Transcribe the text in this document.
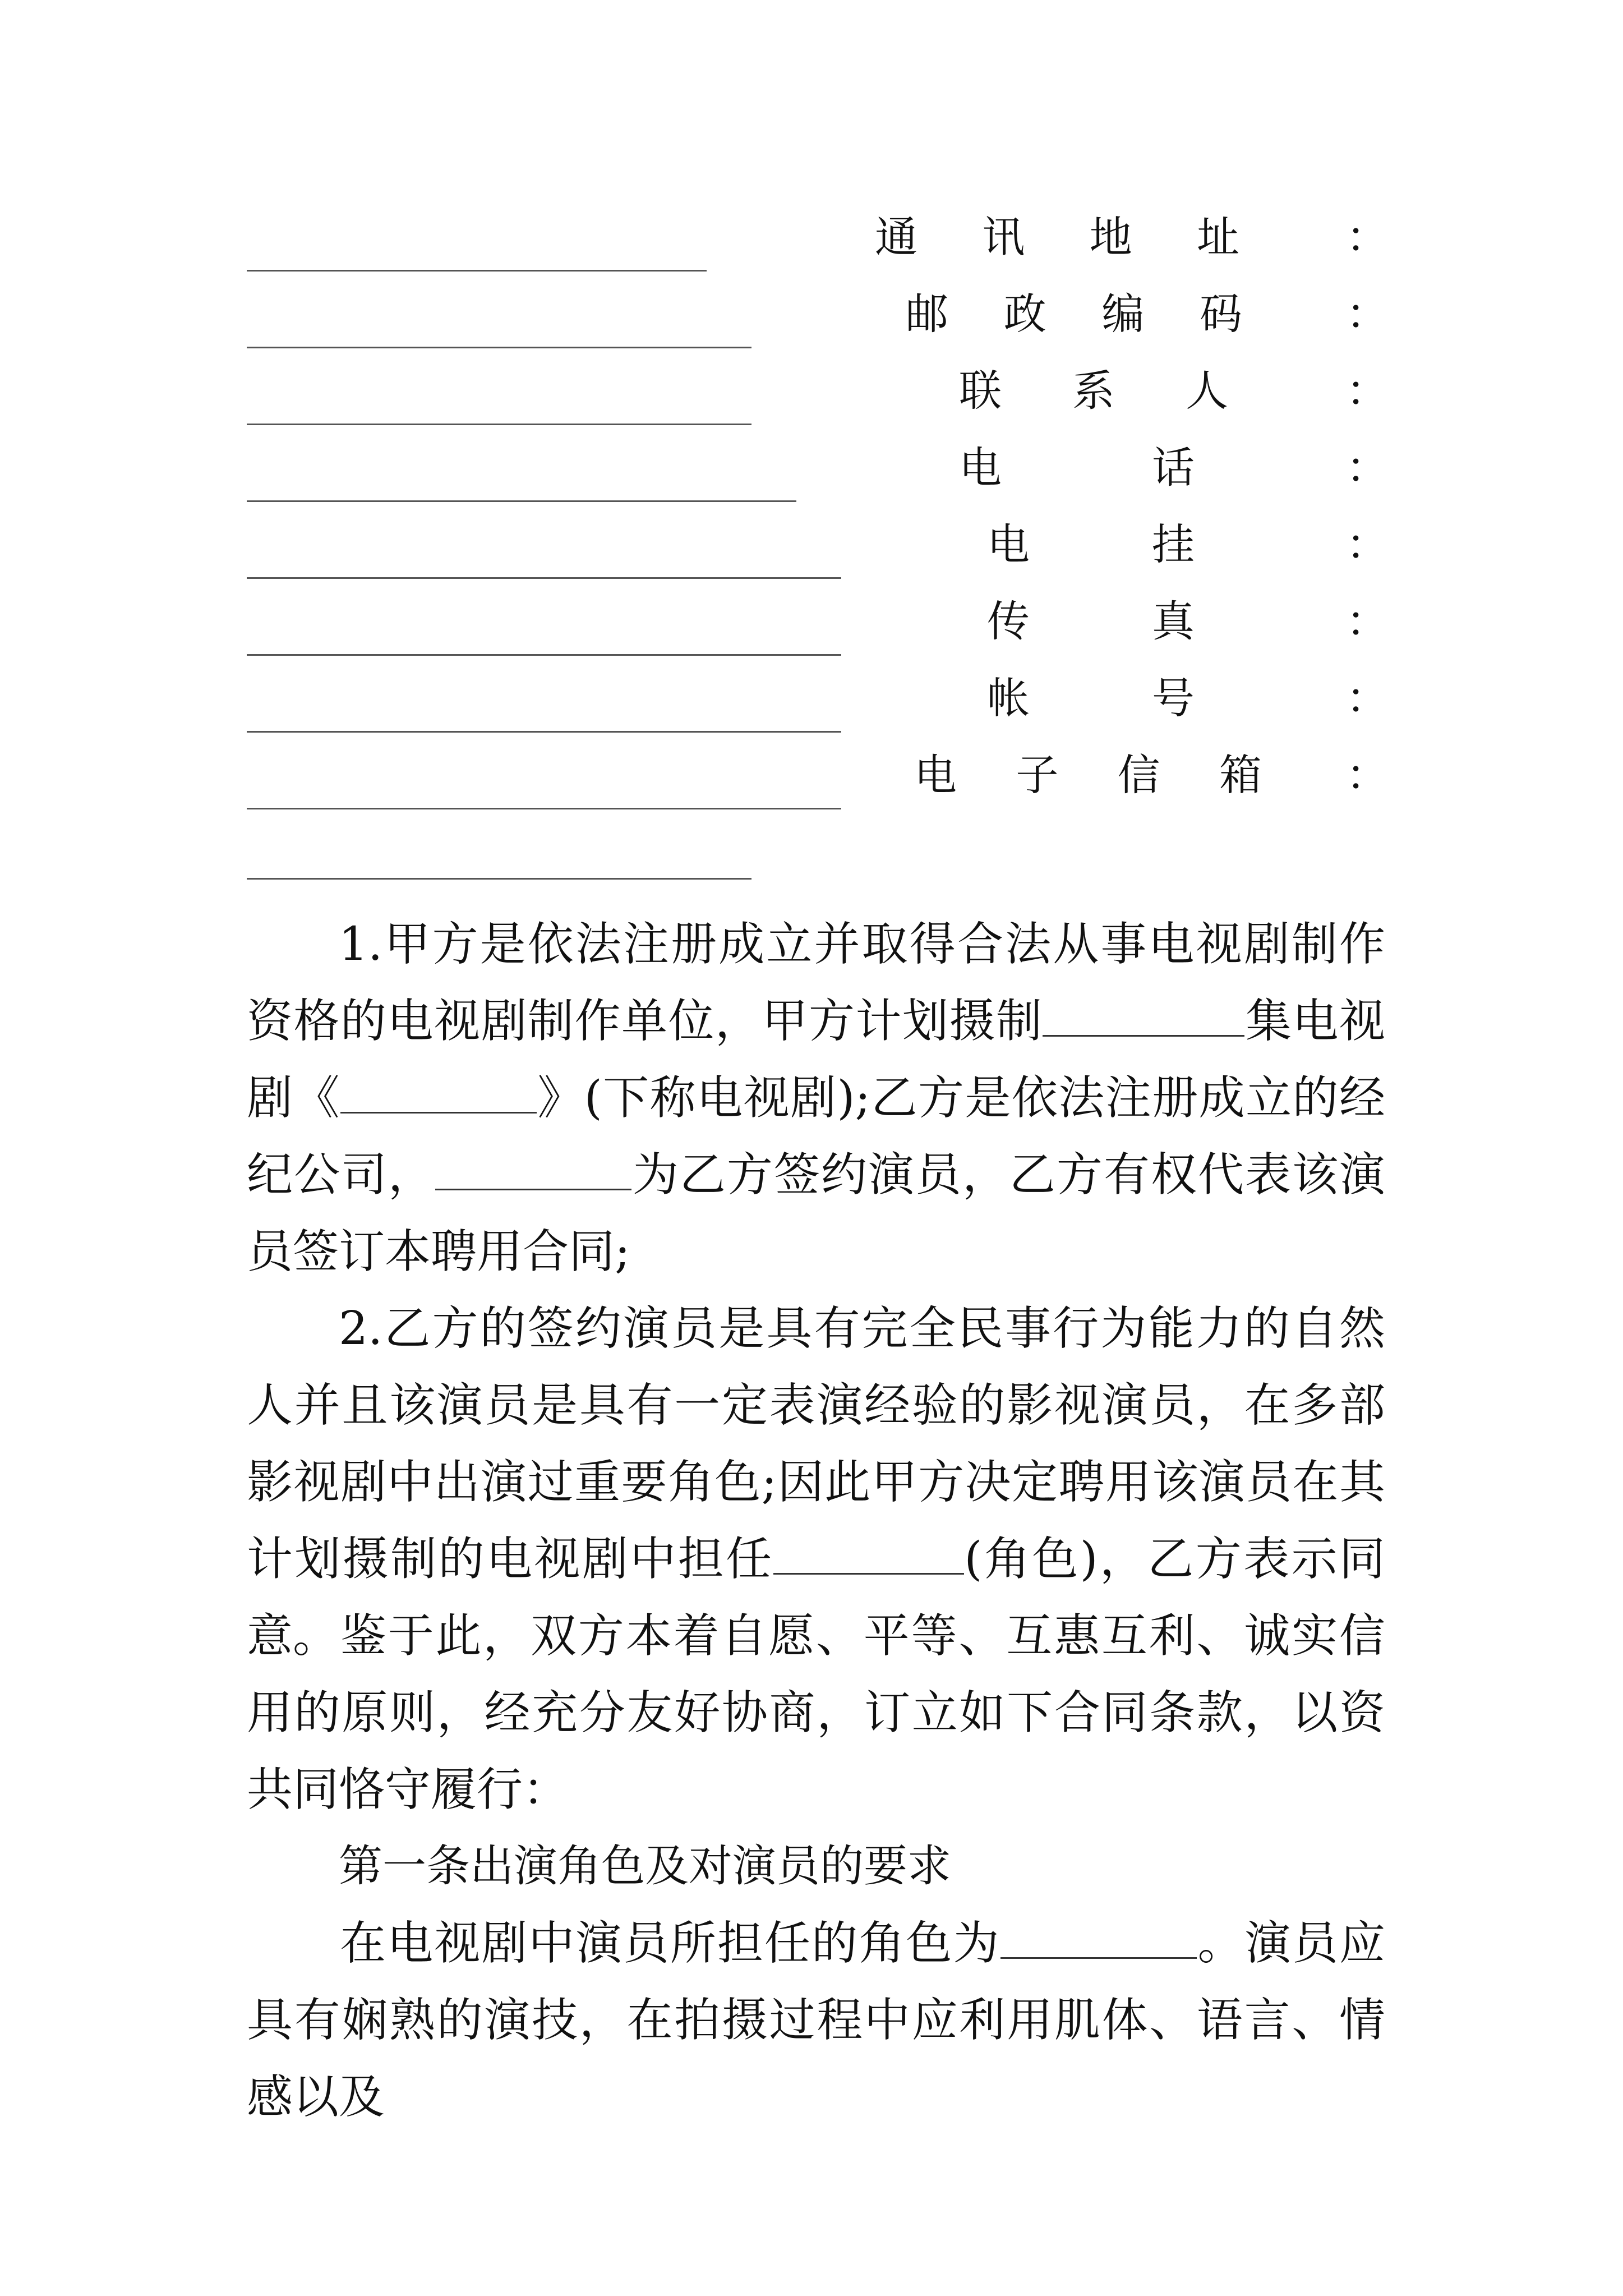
通 讯 地 址	：
邮 政 编 码 ：
联 系 人	：
电	话	：
电	挂	：
传	真	：
帐	号	：
电 子 信 箱 ：

1.甲方是依法注册成立并取得合法从事电视剧制作资格的电视剧制作单位，甲方计划摄制	集电视剧《	》(下称电视剧);乙方是依法注册成立的经纪公司，	为乙方签约演员，乙方有权代表该演员签订本聘用合同;

2.乙方的签约演员是具有完全民事行为能力的自然人并且该演员是具有一定表演经验的影视演员，在多部影视剧中出演过重要角色;因此甲方决定聘用该演员在其计划摄制的电视剧中担任	(角色)，乙方表示同意。 鉴于此，双方本着自愿、平等、互惠互利、诚实信用的原则，经充分友好协商，订立如下合同条款，以资共同恪守履行：

第一条出演角色及对演员的要求

在电视剧中演员所担任的角色为	。演员应具有娴熟的演技，在拍摄过程中应利用肌体、语言、情感以及
